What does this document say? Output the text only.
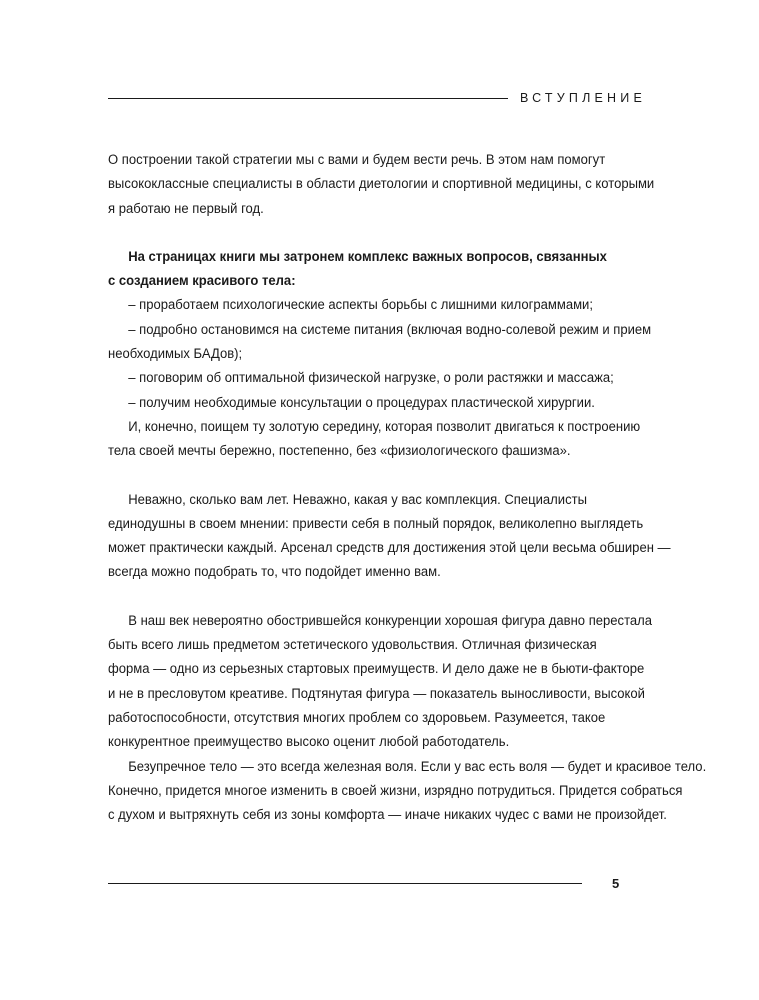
ВСТУПЛЕНИЕ
О построении такой стратегии мы с вами и будем вести речь. В этом нам помогут
высококлассные специалисты в области диетологии и спортивной медицины, с которыми
я работаю не первый год.
На страницах книги мы затронем комплекс важных вопросов, связанных
с созданием красивого тела:
– проработаем психологические аспекты борьбы с лишними килограммами;
– подробно остановимся на системе питания (включая водно-солевой режим и прием
необходимых БАДов);
– поговорим об оптимальной физической нагрузке, о роли растяжки и массажа;
– получим необходимые консультации о процедурах пластической хирургии.
И, конечно, поищем ту золотую середину, которая позволит двигаться к построению
тела своей мечты бережно, постепенно, без «физиологического фашизма».
Неважно, сколько вам лет. Неважно, какая у вас комплекция. Специалисты
единодушны в своем мнении: привести себя в полный порядок, великолепно выглядеть
может практически каждый. Арсенал средств для достижения этой цели весьма обширен —
всегда можно подобрать то, что подойдет именно вам.
В наш век невероятно обострившейся конкуренции хорошая фигура давно перестала
быть всего лишь предметом эстетического удовольствия. Отличная физическая
форма — одно из серьезных стартовых преимуществ. И дело даже не в бьюти-факторе
и не в пресловутом креативе. Подтянутая фигура — показатель выносливости, высокой
работоспособности, отсутствия многих проблем со здоровьем. Разумеется, такое
конкурентное преимущество высоко оценит любой работодатель.
Безупречное тело — это всегда железная воля. Если у вас есть воля — будет и красивое тело.
Конечно, придется многое изменить в своей жизни, изрядно потрудиться. Придется собраться
с духом и вытряхнуть себя из зоны комфорта — иначе никаких чудес с вами не произойдет.
5
